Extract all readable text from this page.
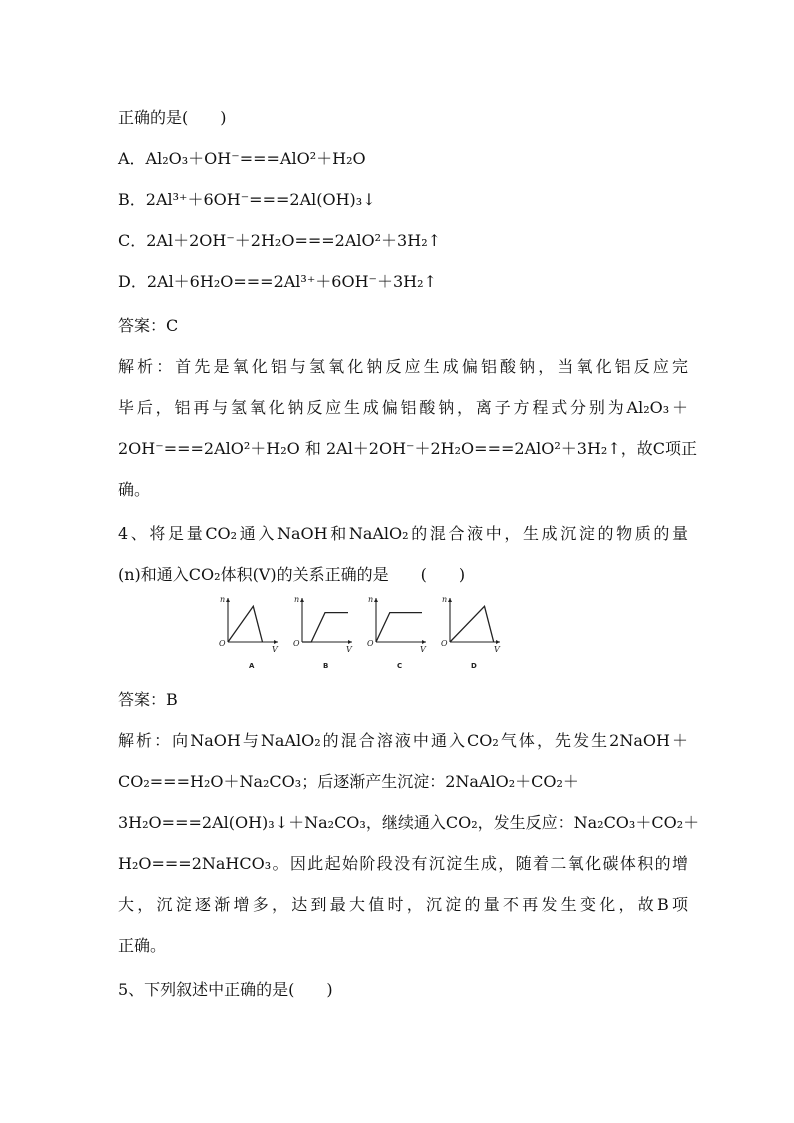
正确的是(　　)
A．Al₂O₃＋OH⁻===AlO²＋H₂O
B．2Al³⁺＋6OH⁻===2Al(OH)₃↓
C．2Al＋2OH⁻＋2H₂O===2AlO²＋3H₂↑
D．2Al＋6H₂O===2Al³⁺＋6OH⁻＋3H₂↑
答案：C
解析：首先是氧化铝与氢氧化钠反应生成偏铝酸钠，当氧化铝反应完
毕后，铝再与氢氧化钠反应生成偏铝酸钠，离子方程式分别为Al₂O₃＋
2OH⁻===2AlO²＋H₂O 和 2Al＋2OH⁻＋2H₂O===2AlO²＋3H₂↑，故C项正
确。
4、将足量CO₂通入NaOH和NaAlO₂的混合液中，生成沉淀的物质的量
(n)和通入CO₂体积(V)的关系正确的是　　(　　)
n
V
O
A
n
V
O
B
n
V
O
C
n
V
O
D
答案：B
解析：向NaOH与NaAlO₂的混合溶液中通入CO₂气体，先发生2NaOH＋
CO₂===H₂O＋Na₂CO₃；后逐渐产生沉淀：2NaAlO₂＋CO₂＋
3H₂O===2Al(OH)₃↓＋Na₂CO₃，继续通入CO₂，发生反应：Na₂CO₃＋CO₂＋
H₂O===2NaHCO₃。因此起始阶段没有沉淀生成，随着二氧化碳体积的增
大，沉淀逐渐增多，达到最大值时，沉淀的量不再发生变化，故B项
正确。
5、下列叙述中正确的是(　　)
